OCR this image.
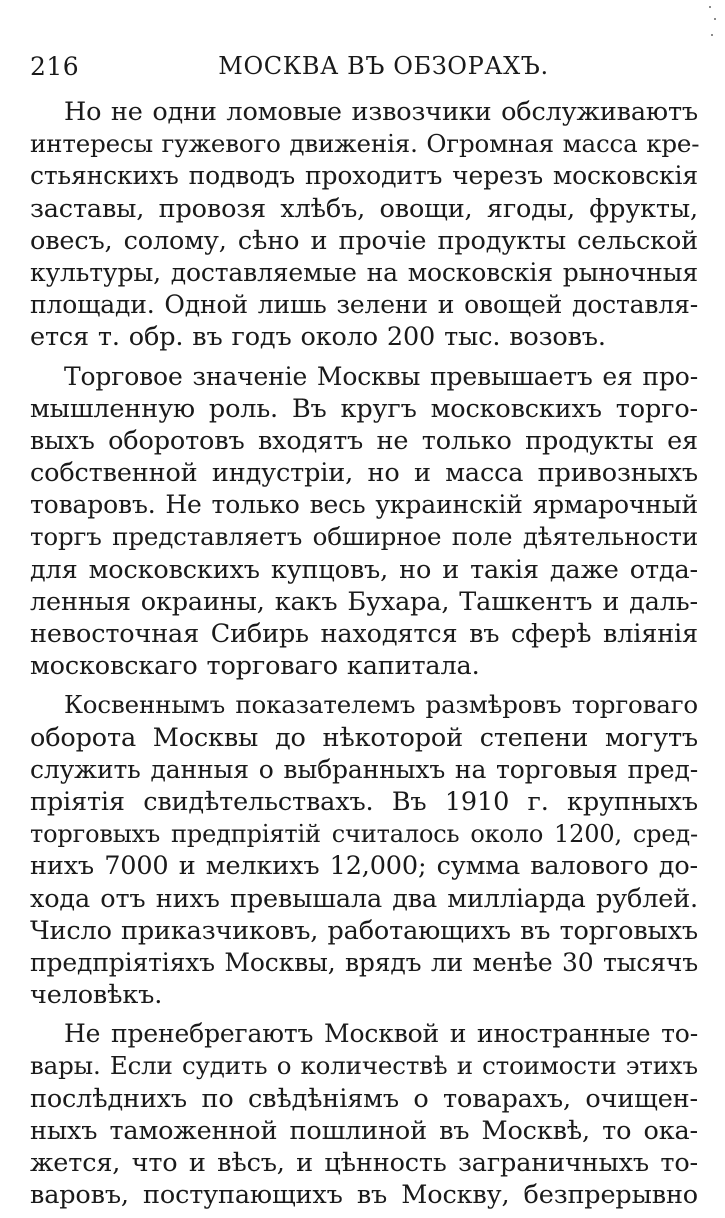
216	МОСКВА ВЪ ОБЗОРАХЪ.
Но не одни ломовые извозчики обслуживаютъ
интересы гужевого движенія. Огромная масса кре-
стьянскихъ подводъ проходитъ черезъ московскія
заставы, провозя хлѣбъ, овощи, ягоды, фрукты,
овесъ, солому, сѣно и прочіе продукты сельской
культуры, доставляемые на московскія рыночныя
площади. Одной лишь зелени и овощей доставля-
ется т. обр. въ годъ около 200 тыс. возовъ.
Торговое значеніе Москвы превышаетъ ея про-
мышленную роль. Въ кругъ московскихъ торго-
выхъ оборотовъ входятъ не только продукты ея
собственной индустріи, но и масса привозныхъ
товаровъ. Не только весь украинскій ярмарочный
торгъ представляетъ обширное поле дѣятельности
для московскихъ купцовъ, но и такія даже отда-
ленныя окраины, какъ Бухара, Ташкентъ и даль-
невосточная Сибирь находятся въ сферѣ вліянія
московскаго торговаго капитала.
Косвеннымъ показателемъ размѣровъ торговаго
оборота Москвы до нѣкоторой степени могутъ
служить данныя о выбранныхъ на торговыя пред-
пріятія свидѣтельствахъ. Въ 1910 г. крупныхъ
торговыхъ предпріятій считалось около 1200, сред-
нихъ 7000 и мелкихъ 12,000; сумма валового до-
хода отъ нихъ превышала два милліарда рублей.
Число приказчиковъ, работающихъ въ торговыхъ
предпріятіяхъ Москвы, врядъ ли менѣе 30 тысячъ
человѣкъ.
Не пренебрегаютъ Москвой и иностранные то-
вары. Если судить о количествѣ и стоимости этихъ
послѣднихъ по свѣдѣніямъ о товарахъ, очищен-
ныхъ таможенной пошлиной въ Москвѣ, то ока-
жется, что и вѣсъ, и цѣнность заграничныхъ то-
варовъ, поступающихъ въ Москву, безпрерывно
